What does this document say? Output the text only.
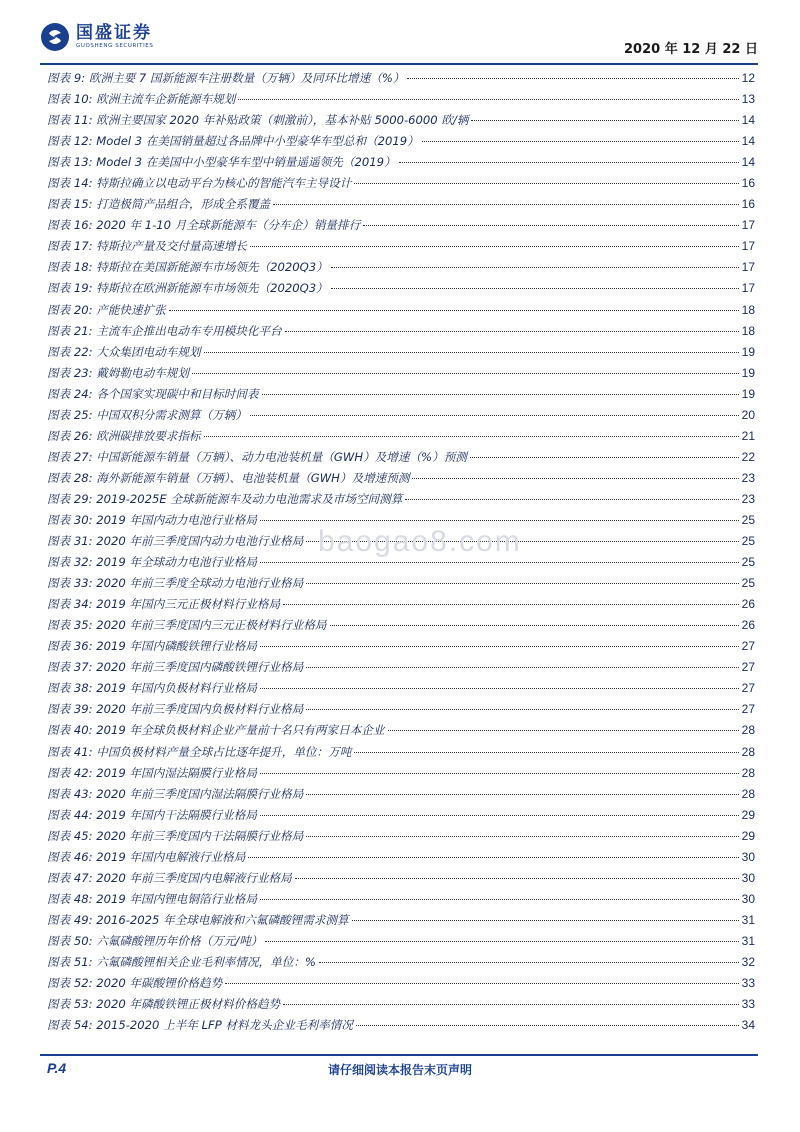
国盛证券
GUOSHENG SECURITIES	2020 年 12 月 22 日
图表 9:
欧洲主要 7 国新能源车注册数量（万辆）及同环比增速（%）	12
图表 10:
欧洲主流车企新能源车规划	13
图表 11:
欧洲主要国家 2020 年补贴政策（刺激前），基本补贴 5000-6000 欧/辆	14
图表 12:
Model 3 在美国销量超过各品牌中小型豪华车型总和（2019）	14
图表 13:
Model 3 在美国中小型豪华车型中销量遥遥领先（2019）	14
图表 14:
特斯拉确立以电动平台为核心的智能汽车主导设计	16
图表 15:
打造极简产品组合，形成全系覆盖	16
图表 16:
2020 年 1-10 月全球新能源车（分车企）销量排行	17
图表 17:
特斯拉产量及交付量高速增长	17
图表 18:
特斯拉在美国新能源车市场领先（2020Q3）	17
图表 19:
特斯拉在欧洲新能源车市场领先（2020Q3）	17
图表 20:
产能快速扩张	18
图表 21:
主流车企推出电动车专用模块化平台	18
图表 22:
大众集团电动车规划	19
图表 23:
戴姆勒电动车规划	19
图表 24:
各个国家实现碳中和目标时间表	19
图表 25:
中国双积分需求测算（万辆）	20
图表 26:
欧洲碳排放要求指标	21
图表 27:
中国新能源车销量（万辆）、动力电池装机量（GWH）及增速（%）预测	22
图表 28:
海外新能源车销量（万辆）、电池装机量（GWH）及增速预测	23
图表 29:
2019-2025E 全球新能源车及动力电池需求及市场空间测算	23
图表 30:
2019 年国内动力电池行业格局	25
图表 31:
2020 年前三季度国内动力电池行业格局	25
图表 32:
2019 年全球动力电池行业格局	25
图表 33:
2020 年前三季度全球动力电池行业格局	25
图表 34:
2019 年国内三元正极材料行业格局	26
图表 35:
2020 年前三季度国内三元正极材料行业格局	26
图表 36:
2019 年国内磷酸铁锂行业格局	27
图表 37:
2020 年前三季度国内磷酸铁锂行业格局	27
图表 38:
2019 年国内负极材料行业格局	27
图表 39:
2020 年前三季度国内负极材料行业格局	27
图表 40:
2019 年全球负极材料企业产量前十名只有两家日本企业	28
图表 41:
中国负极材料产量全球占比逐年提升，单位：万吨	28
图表 42:
2019 年国内湿法隔膜行业格局	28
图表 43:
2020 年前三季度国内湿法隔膜行业格局	28
图表 44:
2019 年国内干法隔膜行业格局	29
图表 45:
2020 年前三季度国内干法隔膜行业格局	29
图表 46:
2019 年国内电解液行业格局	30
图表 47:
2020 年前三季度国内电解液行业格局	30
图表 48:
2019 年国内锂电铜箔行业格局	30
图表 49:
2016-2025 年全球电解液和六氟磷酸锂需求测算	31
图表 50:
六氟磷酸锂历年价格（万元/吨）	31
图表 51:
六氟磷酸锂相关企业毛利率情况，单位：%	32
图表 52:
2020 年碳酸锂价格趋势	33
图表 53:
2020 年磷酸铁锂正极材料价格趋势	33
图表 54:
2015-2020 上半年 LFP 材料龙头企业毛利率情况	34
baogao8.com
P.4	请仔细阅读本报告末页声明
